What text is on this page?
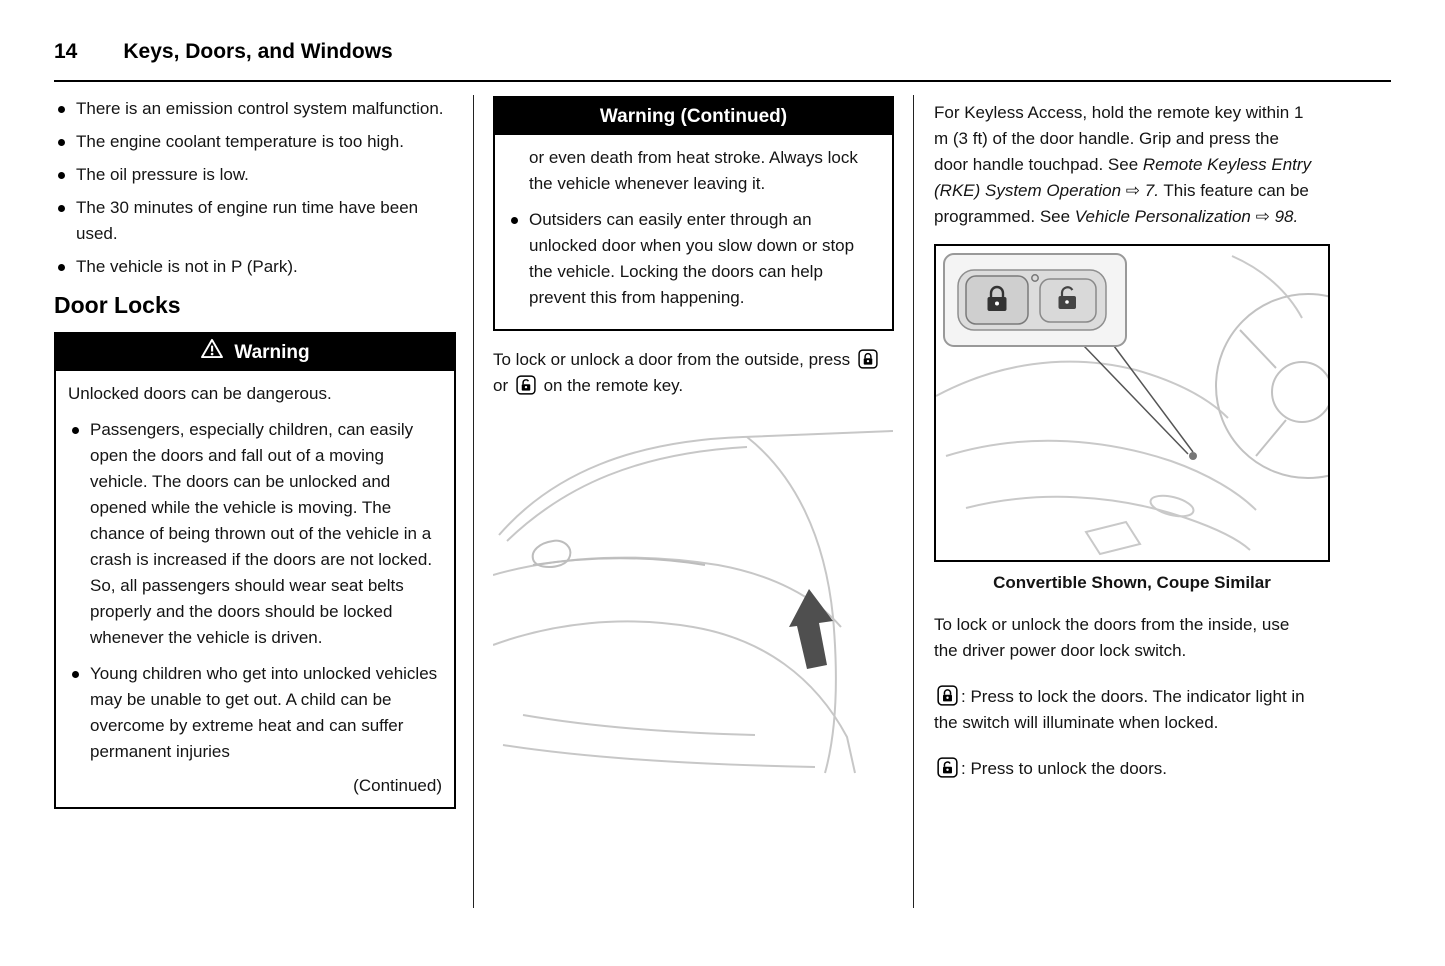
14 Keys, Doors, and Windows
There is an emission control system malfunction.
The engine coolant temperature is too high.
The oil pressure is low.
The 30 minutes of engine run time have been used.
The vehicle is not in P (Park).
Door Locks
Warning

Unlocked doors can be dangerous.

Passengers, especially children, can easily open the doors and fall out of a moving vehicle. The doors can be unlocked and opened while the vehicle is moving. The chance of being thrown out of the vehicle in a crash is increased if the doors are not locked. So, all passengers should wear seat belts properly and the doors should be locked whenever the vehicle is driven.
Young children who get into unlocked vehicles may be unable to get out. A child can be overcome by extreme heat and can suffer permanent injuries

(Continued)

Warning (Continued)

or even death from heat stroke. Always lock the vehicle whenever leaving it.

Outsiders can easily enter through an unlocked door when you slow down or stop the vehicle. Locking the doors can help prevent this from happening.

To lock or unlock a door from the outside, press  or on the remote key.

For Keyless Access, hold the remote key within 1 m (3 ft) of the door handle. Grip and press the door handle touchpad. See Remote Keyless Entry (RKE) System Operation ⇨ 7. This feature can be programmed. See Vehicle Personalization ⇨ 98.

Convertible Shown, Coupe Similar

To lock or unlock the doors from the inside, use the driver power door lock switch.

: Press to lock the doors. The indicator light in the switch will illuminate when locked.

: Press to unlock the doors.
